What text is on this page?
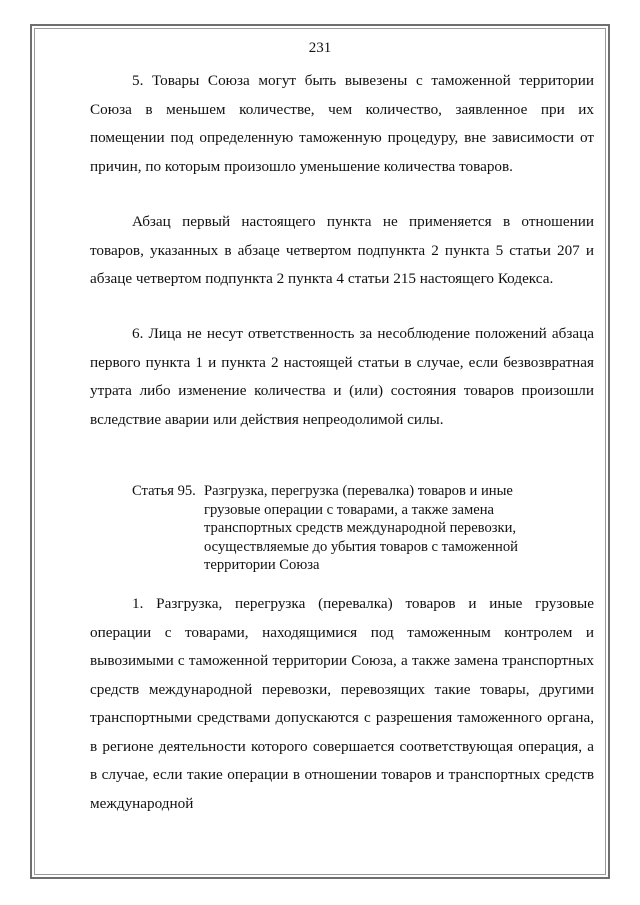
231

5. Товары Союза могут быть вывезены с таможенной территории Союза в меньшем количестве, чем количество, заявленное при их помещении под определенную таможенную процедуру, вне зависимости от причин, по которым произошло уменьшение количества товаров.

Абзац первый настоящего пункта не применяется в отношении товаров, указанных в абзаце четвертом подпункта 2 пункта 5 статьи 207 и абзаце четвертом подпункта 2 пункта 4 статьи 215 настоящего Кодекса.

6. Лица не несут ответственность за несоблюдение положений абзаца первого пункта 1 и пункта 2 настоящей статьи в случае, если безвозвратная утрата либо изменение количества и (или) состояния товаров произошли вследствие аварии или действия непреодолимой силы.

Статья 95. Разгрузка, перегрузка (перевалка) товаров и иные грузовые операции с товарами, а также замена транспортных средств международной перевозки, осуществляемые до убытия товаров с таможенной территории Союза

1. Разгрузка, перегрузка (перевалка) товаров и иные грузовые операции с товарами, находящимися под таможенным контролем и вывозимыми с таможенной территории Союза, а также замена транспортных средств международной перевозки, перевозящих такие товары, другими транспортными средствами допускаются с разрешения таможенного органа, в регионе деятельности которого совершается соответствующая операция, а в случае, если такие операции в отношении товаров и транспортных средств международной
